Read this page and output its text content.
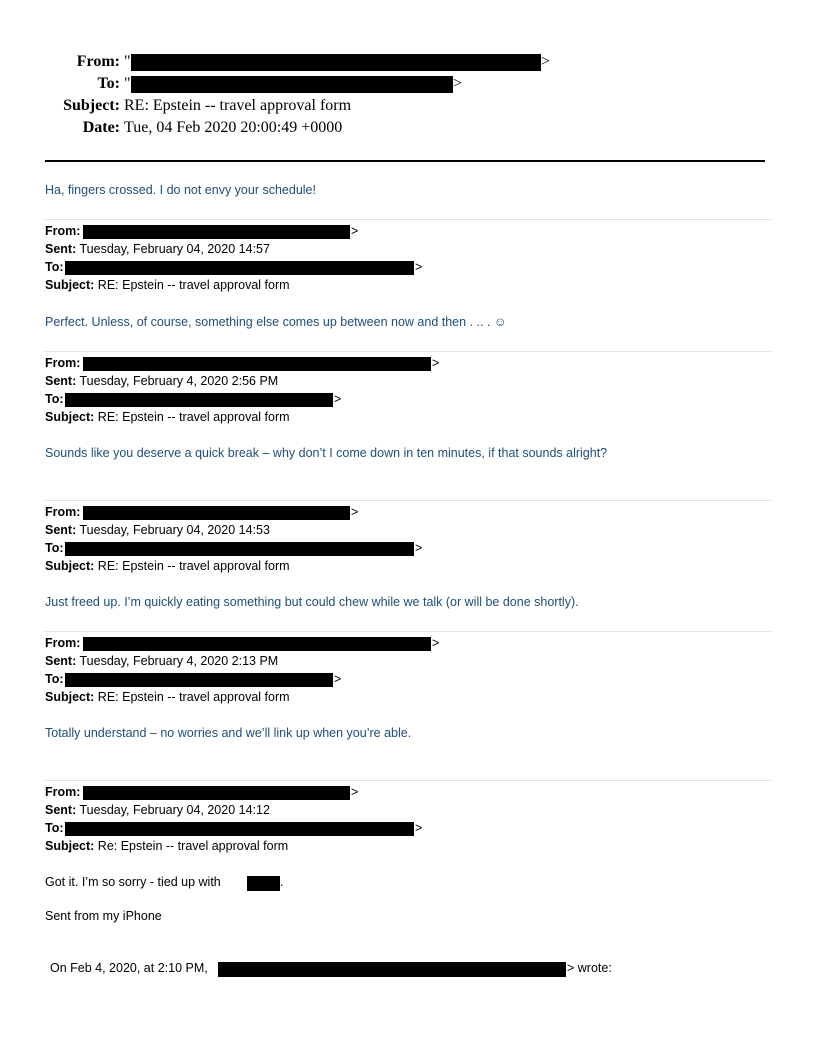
From: "	>
To: "	>
Subject: RE: Epstein -- travel approval form
Date: Tue, 04 Feb 2020 20:00:49 +0000
Ha, fingers crossed. I do not envy your schedule!
From:	>
Sent: Tuesday, February 04, 2020 14:57
To:	>
Subject: RE: Epstein -- travel approval form
Perfect. Unless, of course, something else comes up between now and then . .. . ☺
From:	>
Sent: Tuesday, February 4, 2020 2:56 PM
To:	>
Subject: RE: Epstein -- travel approval form
Sounds like you deserve a quick break – why don’t I come down in ten minutes, if that sounds alright?
From:	>
Sent: Tuesday, February 04, 2020 14:53
To:	>
Subject: RE: Epstein -- travel approval form
Just freed up. I’m quickly eating something but could chew while we talk (or will be done shortly).
From:	>
Sent: Tuesday, February 4, 2020 2:13 PM
To:	>
Subject: RE: Epstein -- travel approval form
Totally understand – no worries and we’ll link up when you’re able.
From:	>
Sent: Tuesday, February 04, 2020 14:12
To:	>
Subject: Re: Epstein -- travel approval form
Got it. I’m so sorry - tied up with	.
Sent from my iPhone
On Feb 4, 2020, at 2:10 PM,	> wrote:
